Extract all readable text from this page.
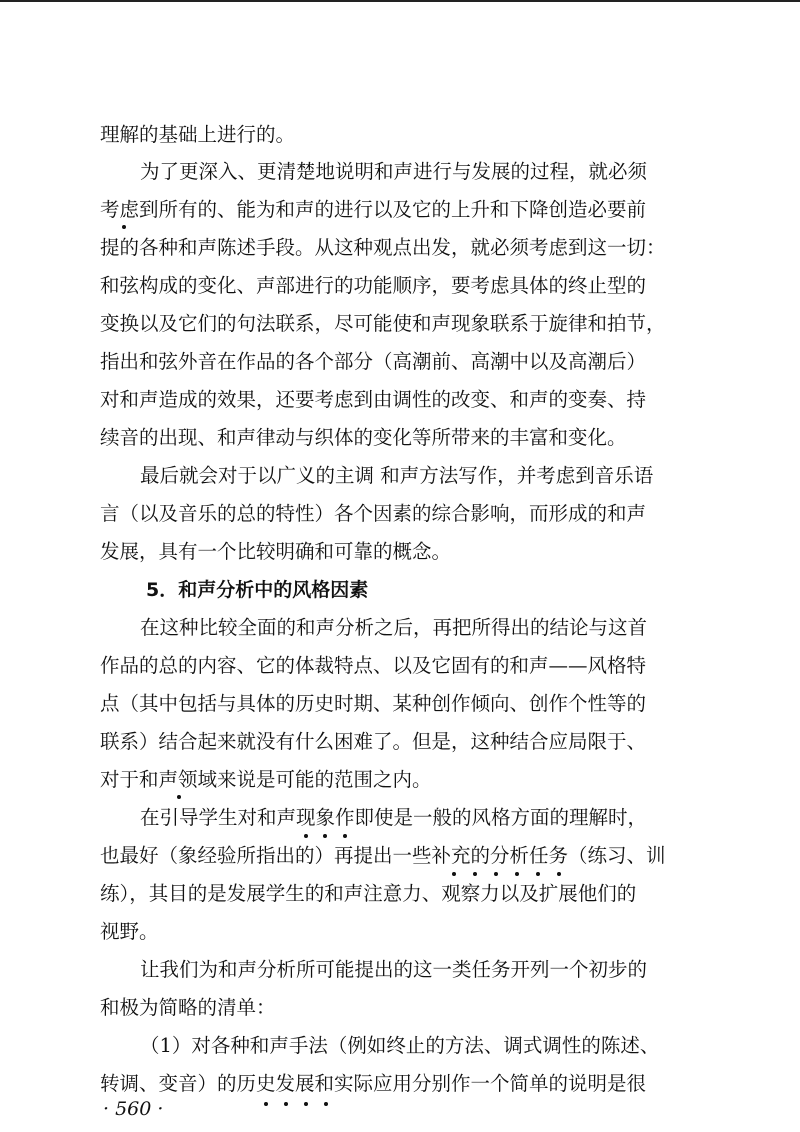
理解的基础上进行的。
为了更深入、更清楚地说明和声进行与发展的过程，就必须
考虑到所有的、能为和声的进行以及它的上升和下降创造必要前
提的各种和声陈述手段。从这种观点出发，就必须考虑到这一切：
和弦构成的变化、声部进行的功能顺序，要考虑具体的终止型的
变换以及它们的句法联系，尽可能使和声现象联系于旋律和拍节，
指出和弦外音在作品的各个部分（高潮前、高潮中以及高潮后）
对和声造成的效果，还要考虑到由调性的改变、和声的变奏、持
续音的出现、和声律动与织体的变化等所带来的丰富和变化。
最后就会对于以广义的主调 和声方法写作，并考虑到音乐语
言（以及音乐的总的特性）各个因素的综合影响，而形成的和声
发展，具有一个比较明确和可靠的概念。
5．和声分析中的风格因素
在这种比较全面的和声分析之后，再把所得出的结论与这首
作品的总的内容、它的体裁特点、以及它固有的和声——风格特
点（其中包括与具体的历史时期、某种创作倾向、创作个性等的
联系）结合起来就没有什么困难了。但是，这种结合应局限于、
对于和声领域来说是可能的范围之内。
在引导学生对和声现象作即使是一般的风格方面的理解时，
也最好（象经验所指出的）再提出一些补充的分析任务（练习、训
练），其目的是发展学生的和声注意力、观察力以及扩展他们的
视野。
让我们为和声分析所可能提出的这一类任务开列一个初步的
和极为简略的清单：
（1）对各种和声手法（例如终止的方法、调式调性的陈述、
转调、变音）的历史发展和实际应用分别作一个简单的说明是很
· 560 ·
